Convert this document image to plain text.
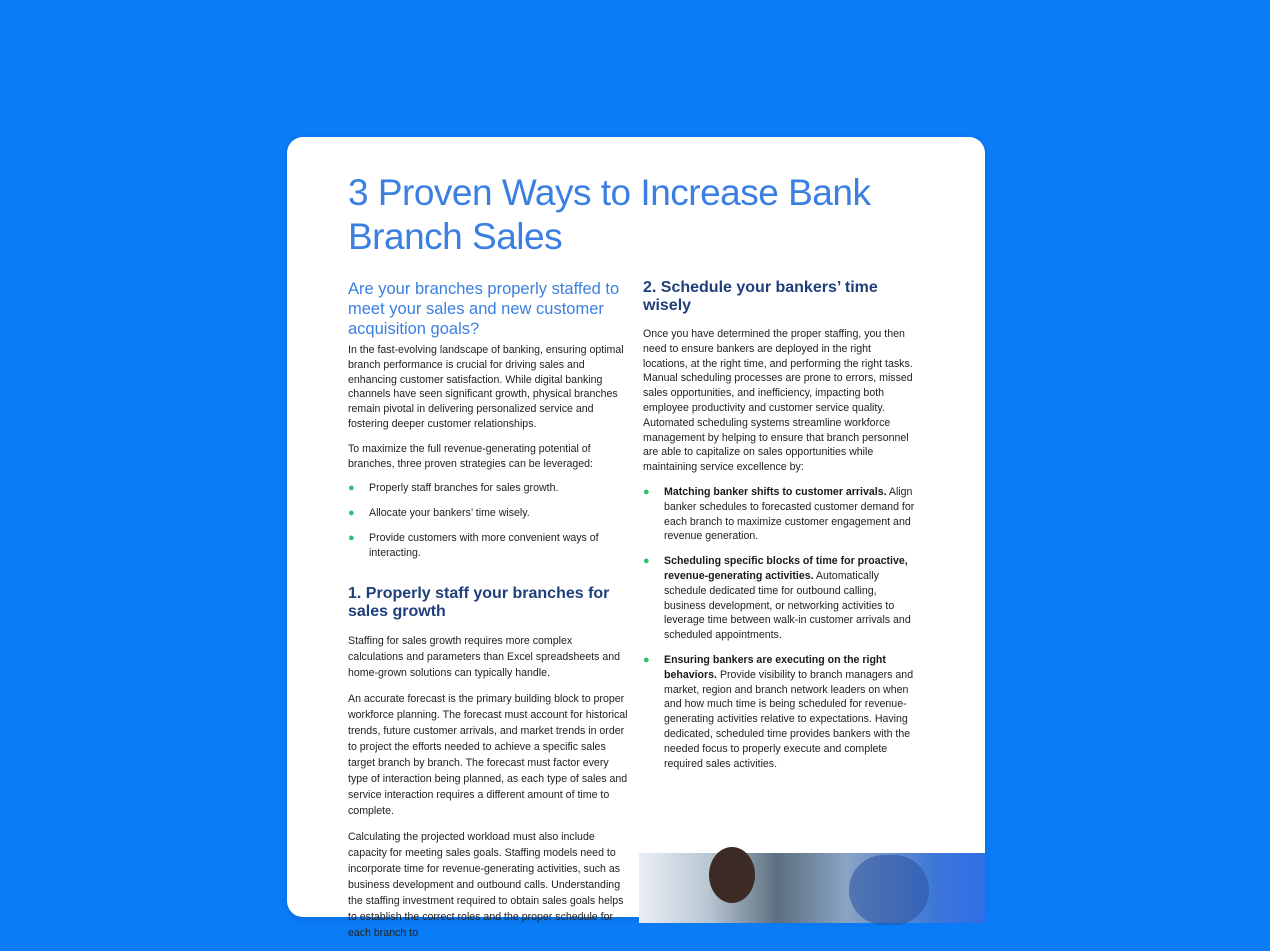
3 Proven Ways to Increase Bank Branch Sales
Are your branches properly staffed to meet your sales and new customer acquisition goals?

In the fast-evolving landscape of banking, ensuring optimal branch performance is crucial for driving sales and enhancing customer satisfaction. While digital banking channels have seen significant growth, physical branches remain pivotal in delivering personalized service and fostering deeper customer relationships.

To maximize the full revenue-generating potential of branches, three proven strategies can be leveraged:

● Properly staff branches for sales growth.
● Allocate your bankers’ time wisely.
● Provide customers with more convenient ways of interacting.
1. Properly staff your branches for sales growth

Staffing for sales growth requires more complex calculations and parameters than Excel spreadsheets and home-grown solutions can typically handle.

An accurate forecast is the primary building block to proper workforce planning. The forecast must account for historical trends, future customer arrivals, and market trends in order to project the efforts needed to achieve a specific sales target branch by branch. The forecast must factor every type of interaction being planned, as each type of sales and service interaction requires a different amount of time to complete.

Calculating the projected workload must also include capacity for meeting sales goals. Staffing models need to incorporate time for revenue-generating activities, such as business development and outbound calls. Understanding the staffing investment required to obtain sales goals helps to establish the correct roles and the proper schedule for each branch to

2. Schedule your bankers’ time wisely

Once you have determined the proper staffing, you then need to ensure bankers are deployed in the right locations, at the right time, and performing the right tasks. Manual scheduling processes are prone to errors, missed sales opportunities, and inefficiency, impacting both employee productivity and customer service quality. Automated scheduling systems streamline workforce management by helping to ensure that branch personnel are able to capitalize on sales opportunities while maintaining service excellence by:

● Matching banker shifts to customer arrivals. Align banker schedules to forecasted customer demand for each branch to maximize customer engagement and revenue generation.
● Scheduling specific blocks of time for proactive, revenue-generating activities. Automatically schedule dedicated time for outbound calling, business development, or networking activities to leverage time between walk-in customer arrivals and scheduled appointments.
● Ensuring bankers are executing on the right behaviors. Provide visibility to branch managers and market, region and branch network leaders on when and how much time is being scheduled for revenue-generating activities relative to expectations. Having dedicated, scheduled time provides bankers with the needed focus to properly execute and complete required sales activities.
